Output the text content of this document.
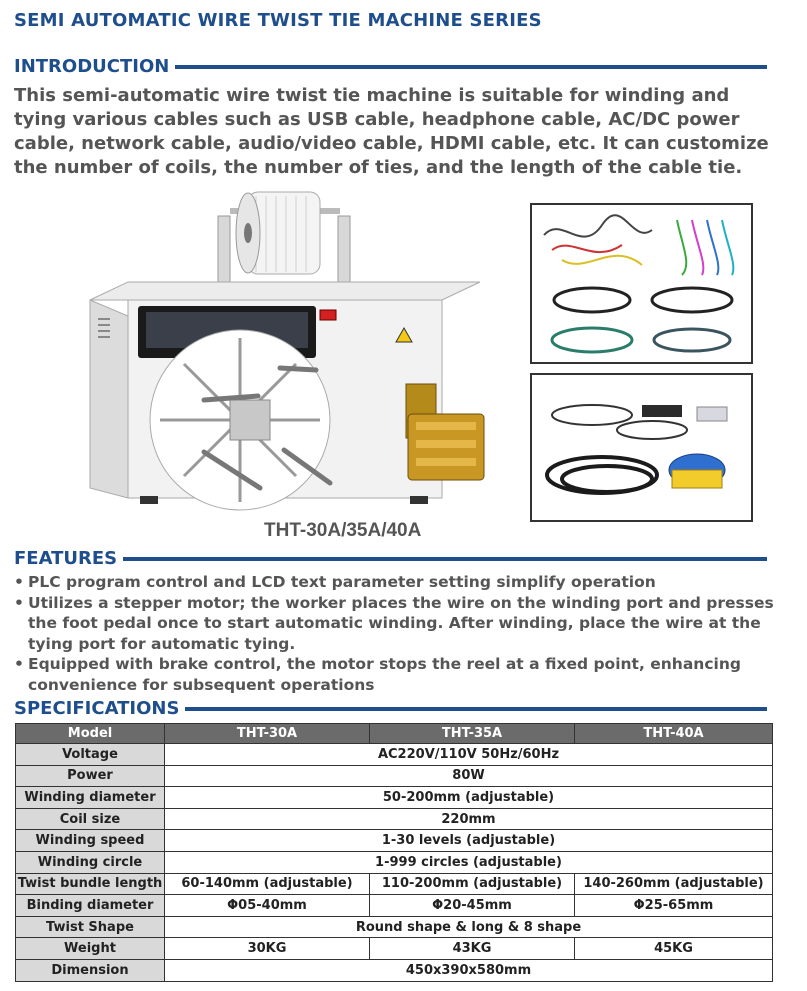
SEMI AUTOMATIC WIRE TWIST TIE MACHINE SERIES
INTRODUCTION

This semi-automatic wire twist tie machine is suitable for winding and tying various cables such as USB cable, headphone cable, AC/DC power cable, network cable, audio/video cable, HDMI cable, etc. It can customize the number of coils, the number of ties, and the length of the cable tie.

THT-30A/35A/40A
FEATURES
• PLC program control and LCD text parameter setting simplify operation
• Utilizes a stepper motor; the worker places the wire on the winding port and presses the foot pedal once to start automatic winding. After winding, place the wire at the tying port for automatic tying.
• Equipped with brake control, the motor stops the reel at a fixed point, enhancing convenience for subsequent operations
SPECIFICATIONS
Model	THT-30A	THT-35A	THT-40A
Voltage	AC220V/110V 50Hz/60Hz		
Power	80W		
Winding diameter	50-200mm (adjustable)		
Coil size	220mm		
Winding speed	1-30 levels (adjustable)		
Winding circle	1-999 circles (adjustable)		
Twist bundle length	60-140mm (adjustable)	110-200mm (adjustable)	140-260mm (adjustable)
Binding diameter	Φ05-40mm	Φ20-45mm	Φ25-65mm
Twist Shape	Round shape & long & 8 shape		
Weight	30KG	43KG	45KG
Dimension	450x390x580mm		
